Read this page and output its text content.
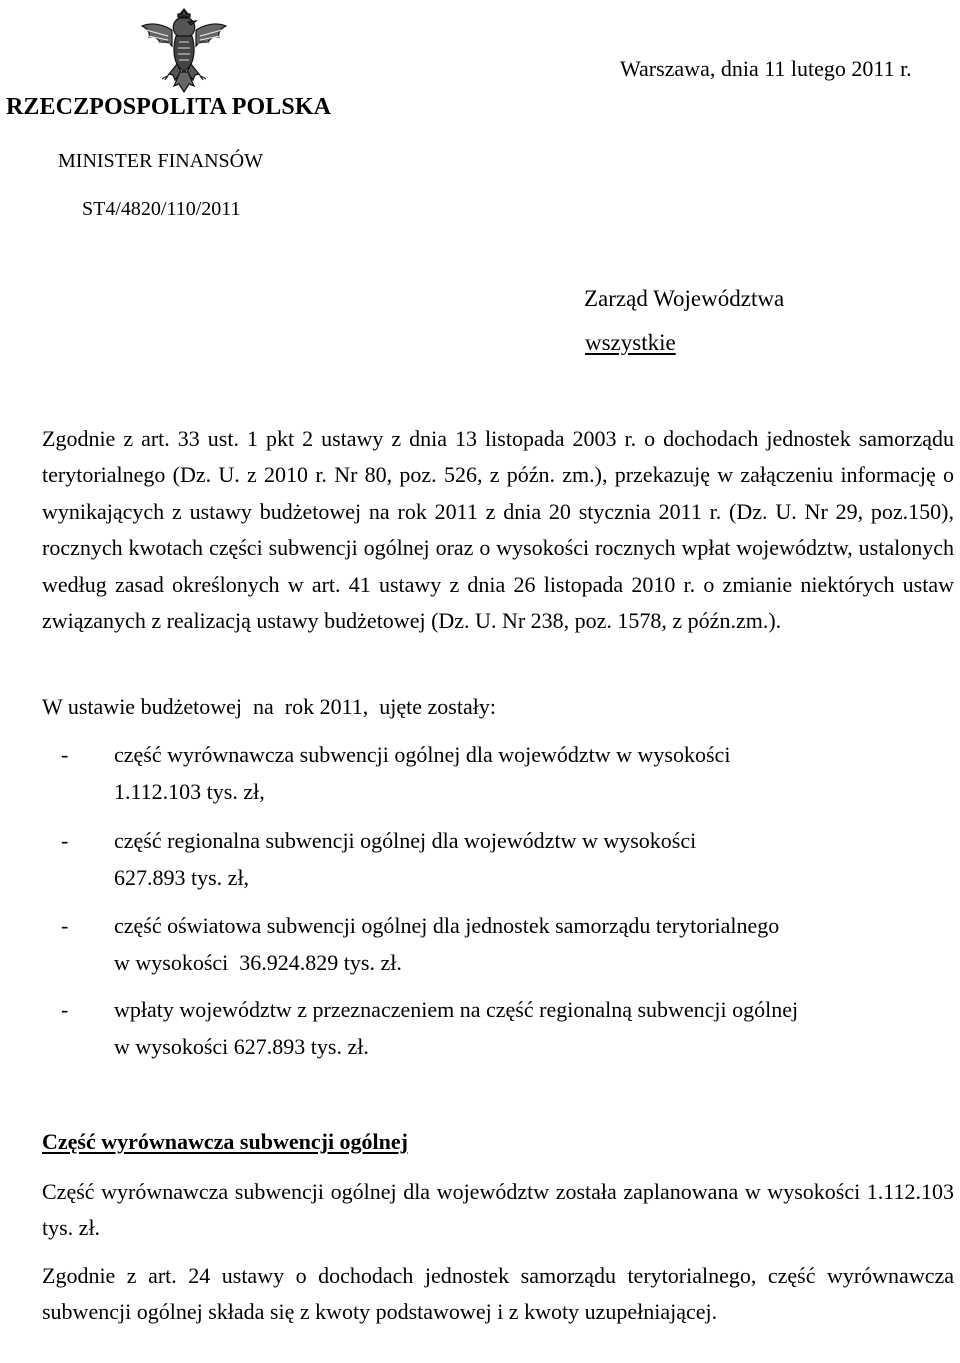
RZECZPOSPOLITA POLSKA
MINISTER FINANSÓW
ST4/4820/110/2011
Warszawa, dnia 11 lutego 2011 r.
Zarząd Województwa
wszystkie

Zgodnie z art. 33 ust. 1 pkt 2 ustawy z dnia 13 listopada 2003 r. o dochodach jednostek samorządu terytorialnego (Dz. U. z 2010 r. Nr 80, poz. 526, z późn. zm.), przekazuję w załączeniu informację o wynikających z ustawy budżetowej na rok 2011 z dnia 20 stycznia 2011 r. (Dz. U. Nr 29, poz.150), rocznych kwotach części subwencji ogólnej oraz o wysokości rocznych wpłat województw, ustalonych według zasad określonych w art. 41 ustawy z dnia 26 listopada 2010 r. o zmianie niektórych ustaw związanych z realizacją ustawy budżetowej (Dz. U. Nr 238, poz. 1578, z późn.zm.).

W ustawie budżetowej  na  rok 2011,  ujęte zostały:

- część wyrównawcza subwencji ogólnej dla województw w wysokości
1.112.103 tys. zł,
- część regionalna subwencji ogólnej dla województw w wysokości
627.893 tys. zł,
- część oświatowa subwencji ogólnej dla jednostek samorządu terytorialnego
w wysokości  36.924.829 tys. zł.
- wpłaty województw z przeznaczeniem na część regionalną subwencji ogólnej
w wysokości 627.893 tys. zł.
Część wyrównawcza subwencji ogólnej

Część wyrównawcza subwencji ogólnej dla województw została zaplanowana w wysokości 1.112.103 tys. zł.

Zgodnie z art. 24 ustawy o dochodach jednostek samorządu terytorialnego, część wyrównawcza subwencji ogólnej składa się z kwoty podstawowej i z kwoty uzupełniającej.
